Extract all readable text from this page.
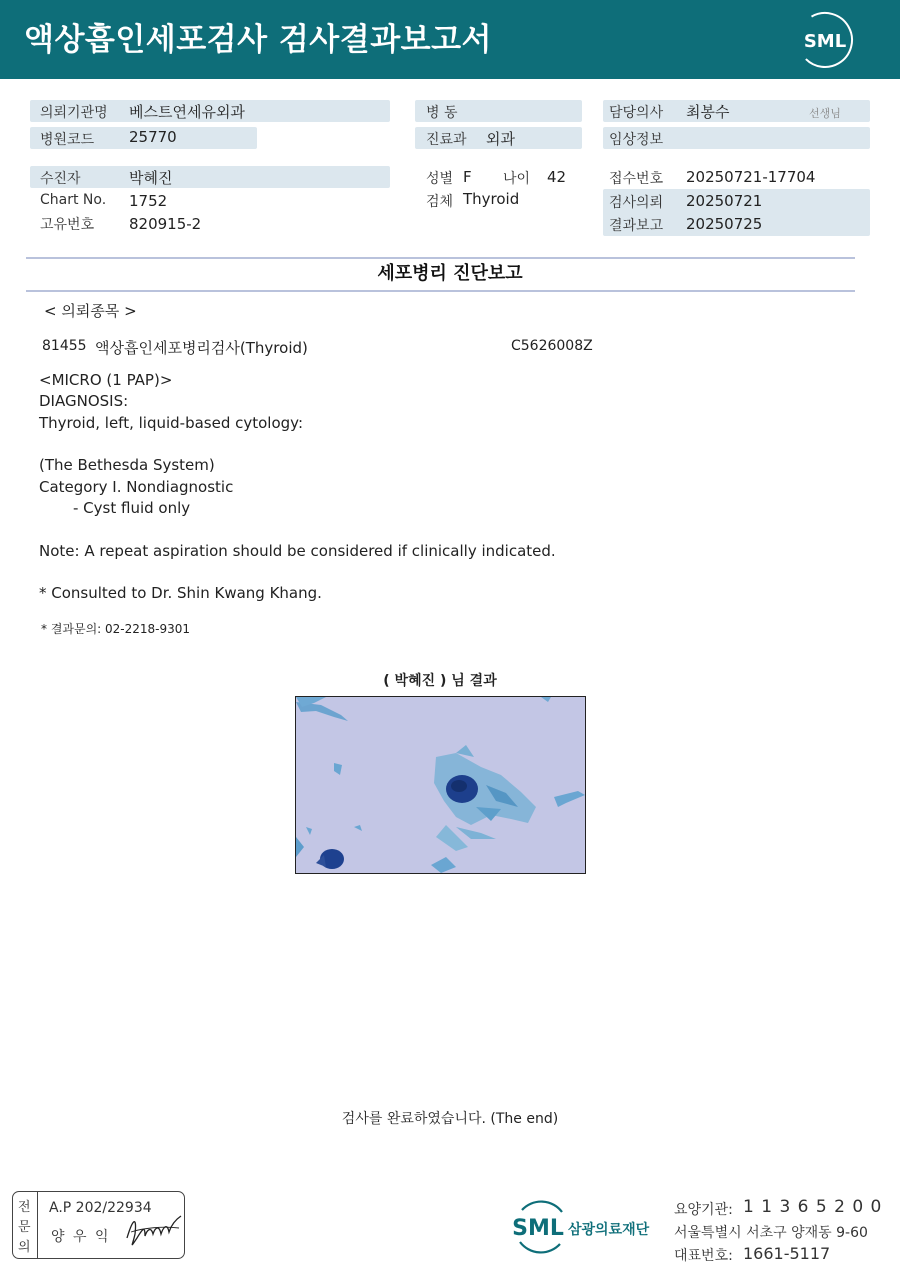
액상흡인세포검사 검사결과보고서	SML
의뢰기관명 베스트연세유외과
병원코드 25770
수진자	박혜진
Chart No. 1752
고유번호 820915-2
병 동
진료과 외과
성별 F 나이 42
검체 Thyroid
담당의사 최봉수	선생님
임상정보
접수번호 20250721-17704
검사의뢰 20250721
결과보고 20250725
세포병리 진단보고
< 의뢰종목 >
81455 액상흡인세포병리검사(Thyroid)	C5626008Z
<MICRO (1 PAP)>
DIAGNOSIS:
Thyroid, left, liquid-based cytology:
(The Bethesda System)
Category I. Nondiagnostic
- Cyst fluid only
Note: A repeat aspiration should be considered if clinically indicated.
* Consulted to Dr. Shin Kwang Khang.
* 결과문의: 02-2218-9301
( 박혜진 ) 님 결과
검사를 완료하였습니다. (The end)
전
문
의
A.P 202/22934
양 우 익	SML 삼광의료재단
요양기관: 1 1 3 6 5 2 0 0
서울특별시 서초구 양재동 9-60
대표번호: 1661-5117
